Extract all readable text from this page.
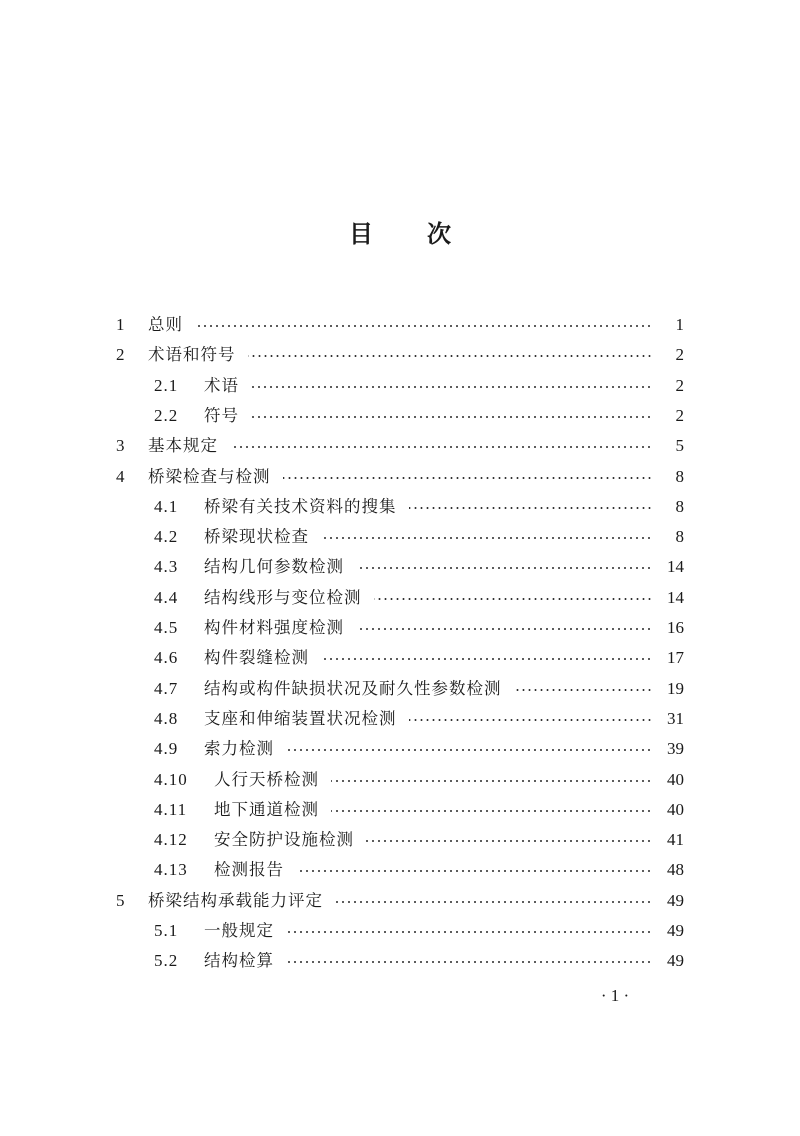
目 次
1	总则	1
2	术语和符号	2
2.1	术语	2
2.2	符号	2
3	基本规定	5
4	桥梁检查与检测	8
4.1	桥梁有关技术资料的搜集	8
4.2	桥梁现状检查	8
4.3	结构几何参数检测	14
4.4	结构线形与变位检测	14
4.5	构件材料强度检测	16
4.6	构件裂缝检测	17
4.7	结构或构件缺损状况及耐久性参数检测	19
4.8	支座和伸缩装置状况检测	31
4.9	索力检测	39
4.10	人行天桥检测	40
4.11	地下通道检测	40
4.12	安全防护设施检测	41
4.13	检测报告	48
5	桥梁结构承载能力评定	49
5.1	一般规定	49
5.2	结构检算	49
· 1 ·
